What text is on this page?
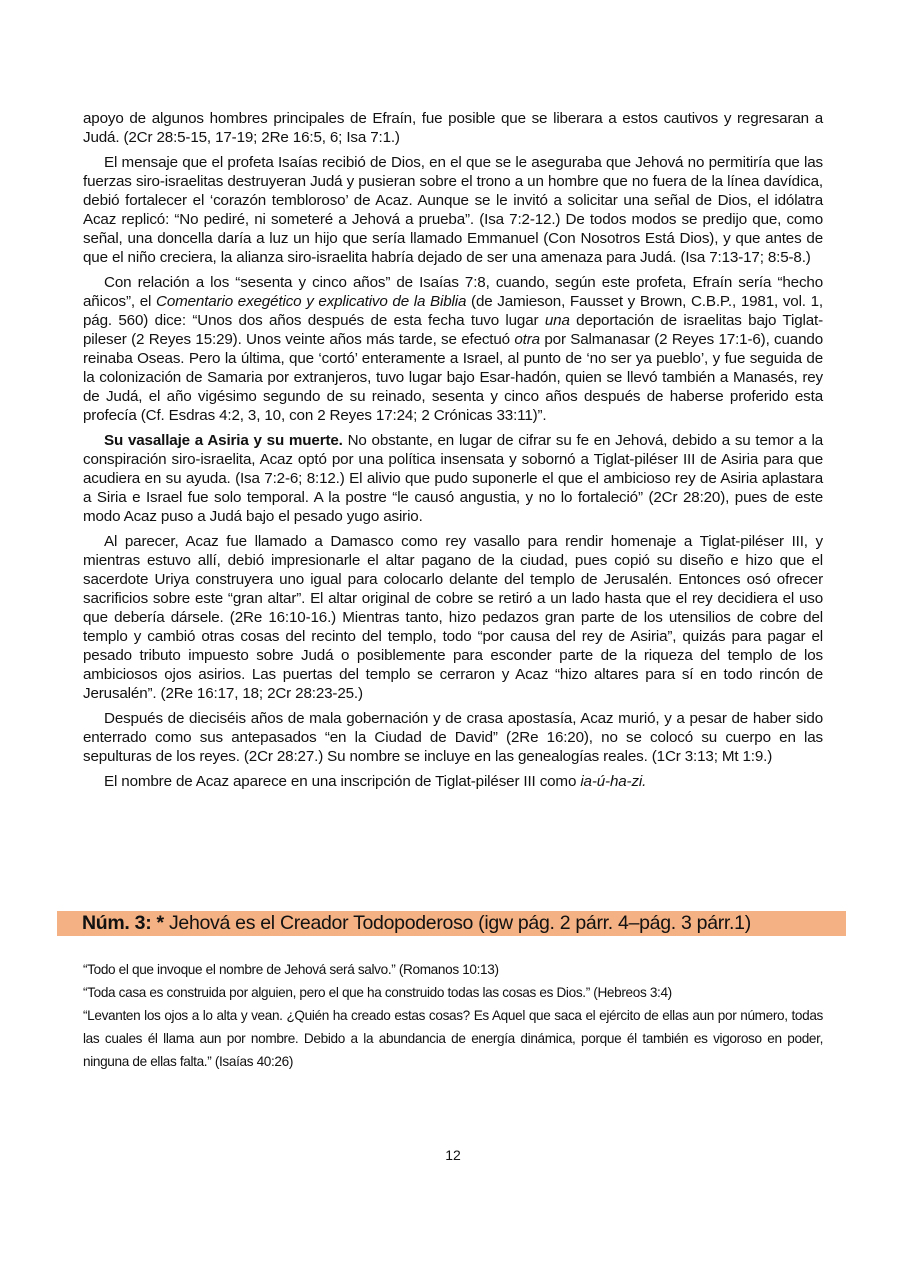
apoyo de algunos hombres principales de Efraín, fue posible que se liberara a estos cautivos y regresaran a Judá. (2Cr 28:5-15, 17-19; 2Re 16:5, 6; Isa 7:1.)

El mensaje que el profeta Isaías recibió de Dios, en el que se le aseguraba que Jehová no permitiría que las fuerzas siro-israelitas destruyeran Judá y pusieran sobre el trono a un hombre que no fuera de la línea davídica, debió fortalecer el ‘corazón tembloroso’ de Acaz. Aunque se le invitó a solicitar una señal de Dios, el idólatra Acaz replicó: “No pediré, ni someteré a Jehová a prueba”. (Isa 7:2-12.) De todos modos se predijo que, como señal, una doncella daría a luz un hijo que sería llamado Emmanuel (Con Nosotros Está Dios), y que antes de que el niño creciera, la alianza siro-israelita habría dejado de ser una amenaza para Judá. (Isa 7:13-17; 8:5-8.)

Con relación a los “sesenta y cinco años” de Isaías 7:8, cuando, según este profeta, Efraín sería “hecho añicos”, el Comentario exegético y explicativo de la Biblia (de Jamieson, Fausset y Brown, C.B.P., 1981, vol. 1, pág. 560) dice: “Unos dos años después de esta fecha tuvo lugar una deportación de israelitas bajo Tiglat-pileser (2 Reyes 15:29). Unos veinte años más tarde, se efectuó otra por Salmanasar (2 Reyes 17:1-6), cuando reinaba Oseas. Pero la última, que ‘cortó’ enteramente a Israel, al punto de ‘no ser ya pueblo’, y fue seguida de la colonización de Samaria por extranjeros, tuvo lugar bajo Esar-hadón, quien se llevó también a Manasés, rey de Judá, el año vigésimo segundo de su reinado, sesenta y cinco años después de haberse proferido esta profecía (Cf. Esdras 4:2, 3, 10, con 2 Reyes 17:24; 2 Crónicas 33:11)”.

Su vasallaje a Asiria y su muerte. No obstante, en lugar de cifrar su fe en Jehová, debido a su temor a la conspiración siro-israelita, Acaz optó por una política insensata y sobornó a Tiglat-piléser III de Asiria para que acudiera en su ayuda. (Isa 7:2-6; 8:12.) El alivio que pudo suponerle el que el ambicioso rey de Asiria aplastara a Siria e Israel fue solo temporal. A la postre “le causó angustia, y no lo fortaleció” (2Cr 28:20), pues de este modo Acaz puso a Judá bajo el pesado yugo asirio.

Al parecer, Acaz fue llamado a Damasco como rey vasallo para rendir homenaje a Tiglat-piléser III, y mientras estuvo allí, debió impresionarle el altar pagano de la ciudad, pues copió su diseño e hizo que el sacerdote Uriya construyera uno igual para colocarlo delante del templo de Jerusalén. Entonces osó ofrecer sacrificios sobre este “gran altar”. El altar original de cobre se retiró a un lado hasta que el rey decidiera el uso que debería dársele. (2Re 16:10-16.) Mientras tanto, hizo pedazos gran parte de los utensilios de cobre del templo y cambió otras cosas del recinto del templo, todo “por causa del rey de Asiria”, quizás para pagar el pesado tributo impuesto sobre Judá o posiblemente para esconder parte de la riqueza del templo de los ambiciosos ojos asirios. Las puertas del templo se cerraron y Acaz “hizo altares para sí en todo rincón de Jerusalén”. (2Re 16:17, 18; 2Cr 28:23-25.)

Después de dieciséis años de mala gobernación y de crasa apostasía, Acaz murió, y a pesar de haber sido enterrado como sus antepasados “en la Ciudad de David” (2Re 16:20), no se colocó su cuerpo en las sepulturas de los reyes. (2Cr 28:27.) Su nombre se incluye en las genealogías reales. (1Cr 3:13; Mt 1:9.)

El nombre de Acaz aparece en una inscripción de Tiglat-piléser III como ia-ú-ha-zi.

Núm. 3: * Jehová es el Creador Todopoderoso (igw pág. 2 párr. 4–pág. 3 párr.1)

“Todo el que invoque el nombre de Jehová será salvo.” (Romanos 10:13)

“Toda casa es construida por alguien, pero el que ha construido todas las cosas es Dios.” (Hebreos 3:4)

“Levanten los ojos a lo alta y vean. ¿Quién ha creado estas cosas? Es Aquel que saca el ejército de ellas aun por número, todas las cuales él llama aun por nombre. Debido a la abundancia de energía dinámica, porque él también es vigoroso en poder, ninguna de ellas falta.” (Isaías 40:26)

12
